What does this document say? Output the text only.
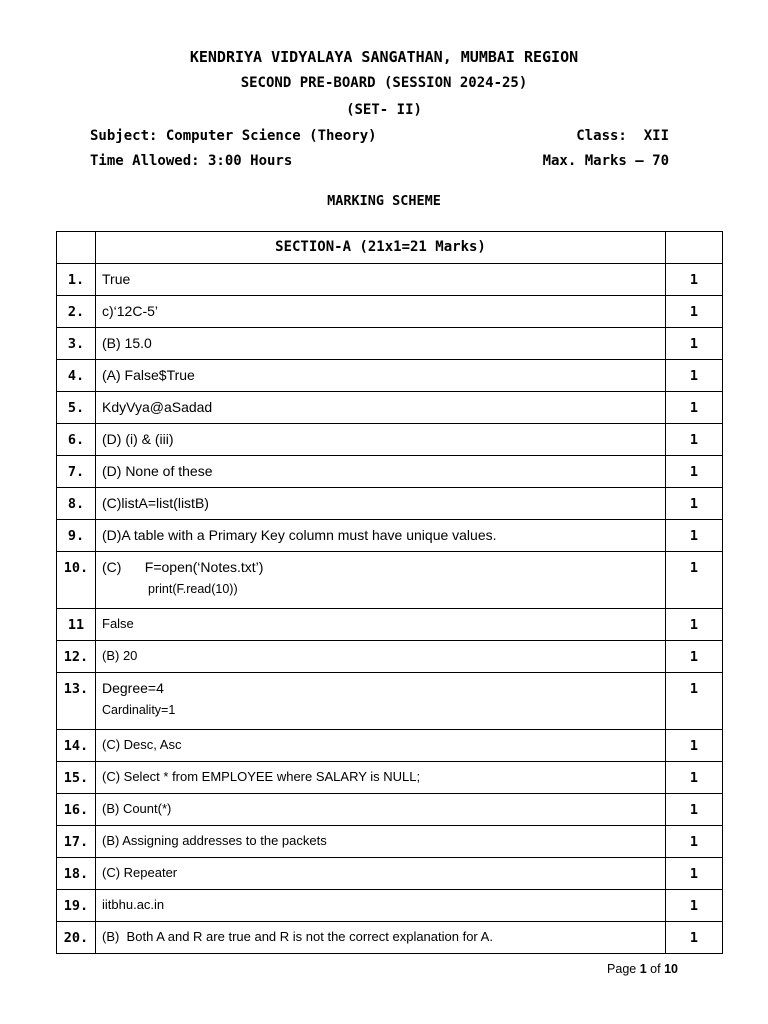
KENDRIYA VIDYALAYA SANGATHAN, MUMBAI REGION
SECOND PRE-BOARD (SESSION 2024-25)
(SET- II)
Subject: Computer Science (Theory)	Class:  XII
Time Allowed: 3:00 Hours	Max. Marks – 70
MARKING SCHEME
	SECTION-A (21x1=21 Marks)	
1.	True	1
2.	c)‘12C-5’	1
3.	(B) 15.0	1
4.	(A) False$True	1
5.	KdyVya@aSadad	1
6.	(D) (i) & (iii)	1
7.	(D) None of these	1
8.	(C)listA=list(listB)	1
9.	(D)A table with a Primary Key column must have unique values.	1
10.	(C)      F=open(‘Notes.txt’)
print(F.read(10))	1
11	False	1
12.	(B) 20	1
13.	Degree=4
Cardinality=1	1
14.	(C) Desc, Asc	1
15.	(C) Select * from EMPLOYEE where SALARY is NULL;	1
16.	(B) Count(*)	1
17.	(B) Assigning addresses to the packets	1
18.	(C) Repeater	1
19.	iitbhu.ac.in	1
20.	(B)  Both A and R are true and R is not the correct explanation for A.	1
Page 1 of 10
